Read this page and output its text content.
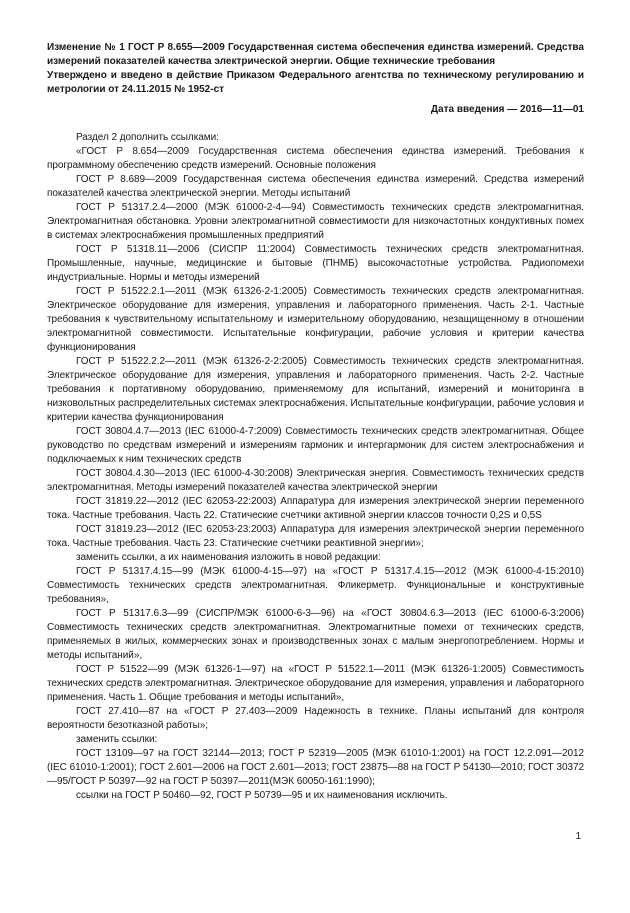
Изменение № 1 ГОСТ Р 8.655—2009 Государственная система обеспечения единства измерений. Средства измерений показателей качества электрической энергии. Общие технические требования

Утверждено и введено в действие Приказом Федерального агентства по техническому регулированию и метрологии от 24.11.2015 № 1952-ст

Дата введения — 2016—11—01

Раздел 2 дополнить ссылками:

«ГОСТ Р 8.654—2009 Государственная система обеспечения единства измерений. Требования к программному обеспечению средств измерений. Основные положения

ГОСТ Р 8.689—2009 Государственная система обеспечения единства измерений. Средства измерений показателей качества электрической энергии. Методы испытаний

ГОСТ Р 51317.2.4—2000 (МЭК 61000-2-4—94) Совместимость технических средств электромагнитная. Электромагнитная обстановка. Уровни электромагнитной совместимости для низкочастотных кондуктивных помех в системах электроснабжения промышленных предприятий

ГОСТ Р 51318.11—2006 (СИСПР 11:2004) Совместимость технических средств электромагнитная. Промышленные, научные, медицинские и бытовые (ПНМБ) высокочастотные устройства. Радиопомехи индустриальные. Нормы и методы измерений

ГОСТ Р 51522.2.1—2011 (МЭК 61326-2-1:2005) Совместимость технических средств электромагнитная. Электрическое оборудование для измерения, управления и лабораторного применения. Часть 2-1. Частные требования к чувствительному испытательному и измерительному оборудованию, незащищенному в отношении электромагнитной совместимости. Испытательные конфигурации, рабочие условия и критерии качества функционирования

ГОСТ Р 51522.2.2—2011 (МЭК 61326-2-2:2005) Совместимость технических средств электромагнитная. Электрическое оборудование для измерения, управления и лабораторного применения. Часть 2-2. Частные требования к портативному оборудованию, применяемому для испытаний, измерений и мониторинга в низковольтных распределительных системах электроснабжения. Испытательные конфигурации, рабочие условия и критерии качества функционирования

ГОСТ 30804.4.7—2013 (IEC 61000-4-7:2009) Совместимость технических средств электромагнитная. Общее руководство по средствам измерений и измерениям гармоник и интергармоник для систем электроснабжения и подключаемых к ним технических средств

ГОСТ 30804.4.30—2013 (IEC 61000-4-30:2008) Электрическая энергия. Совместимость технических средств электромагнитная. Методы измерений показателей качества электрической энергии

ГОСТ 31819.22—2012 (IEC 62053-22:2003) Аппаратура для измерения электрической энергии переменного тока. Частные требования. Часть 22. Статические счетчики активной энергии классов точности 0,2S и 0,5S

ГОСТ 31819.23—2012 (IEC 62053-23:2003) Аппаратура для измерения электрической энергии переменного тока. Частные требования. Часть 23. Статические счетчики реактивной энергии»;

заменить ссылки, а их наименования изложить в новой редакции:

ГОСТ Р 51317.4.15—99 (МЭК 61000-4-15—97) на «ГОСТ Р 51317.4.15—2012 (МЭК 61000-4-15:2010) Совместимость технических средств электромагнитная. Фликерметр. Функциональные и конструктивные требования»,

ГОСТ Р 51317.6.3—99 (СИСПР/МЭК 61000-6-3—96) на «ГОСТ 30804.6.3—2013 (IEC 61000-6-3:2006) Совместимость технических средств электромагнитная. Электромагнитные помехи от технических средств, применяемых в жилых, коммерческих зонах и производственных зонах с малым энергопотреблением. Нормы и методы испытаний»,

ГОСТ Р 51522—99 (МЭК 61326-1—97) на «ГОСТ Р 51522.1—2011 (МЭК 61326-1:2005) Совместимость технических средств электромагнитная. Электрическое оборудование для измерения, управления и лабораторного применения. Часть 1. Общие требования и методы испытаний»,

ГОСТ 27.410—87 на «ГОСТ Р 27.403—2009 Надежность в технике. Планы испытаний для контроля вероятности безотказной работы»;

заменить ссылки:

ГОСТ 13109—97 на ГОСТ 32144—2013; ГОСТ Р 52319—2005 (МЭК 61010-1:2001) на ГОСТ 12.2.091—2012 (IEC 61010-1:2001); ГОСТ 2.601—2006 на ГОСТ 2.601—2013; ГОСТ 23875—88 на ГОСТ Р 54130—2010; ГОСТ 30372—95/ГОСТ Р 50397—92 на ГОСТ Р 50397—2011(МЭК 60050-161:1990);

ссылки на ГОСТ Р 50460—92, ГОСТ Р 50739—95 и их наименования исключить.

1
